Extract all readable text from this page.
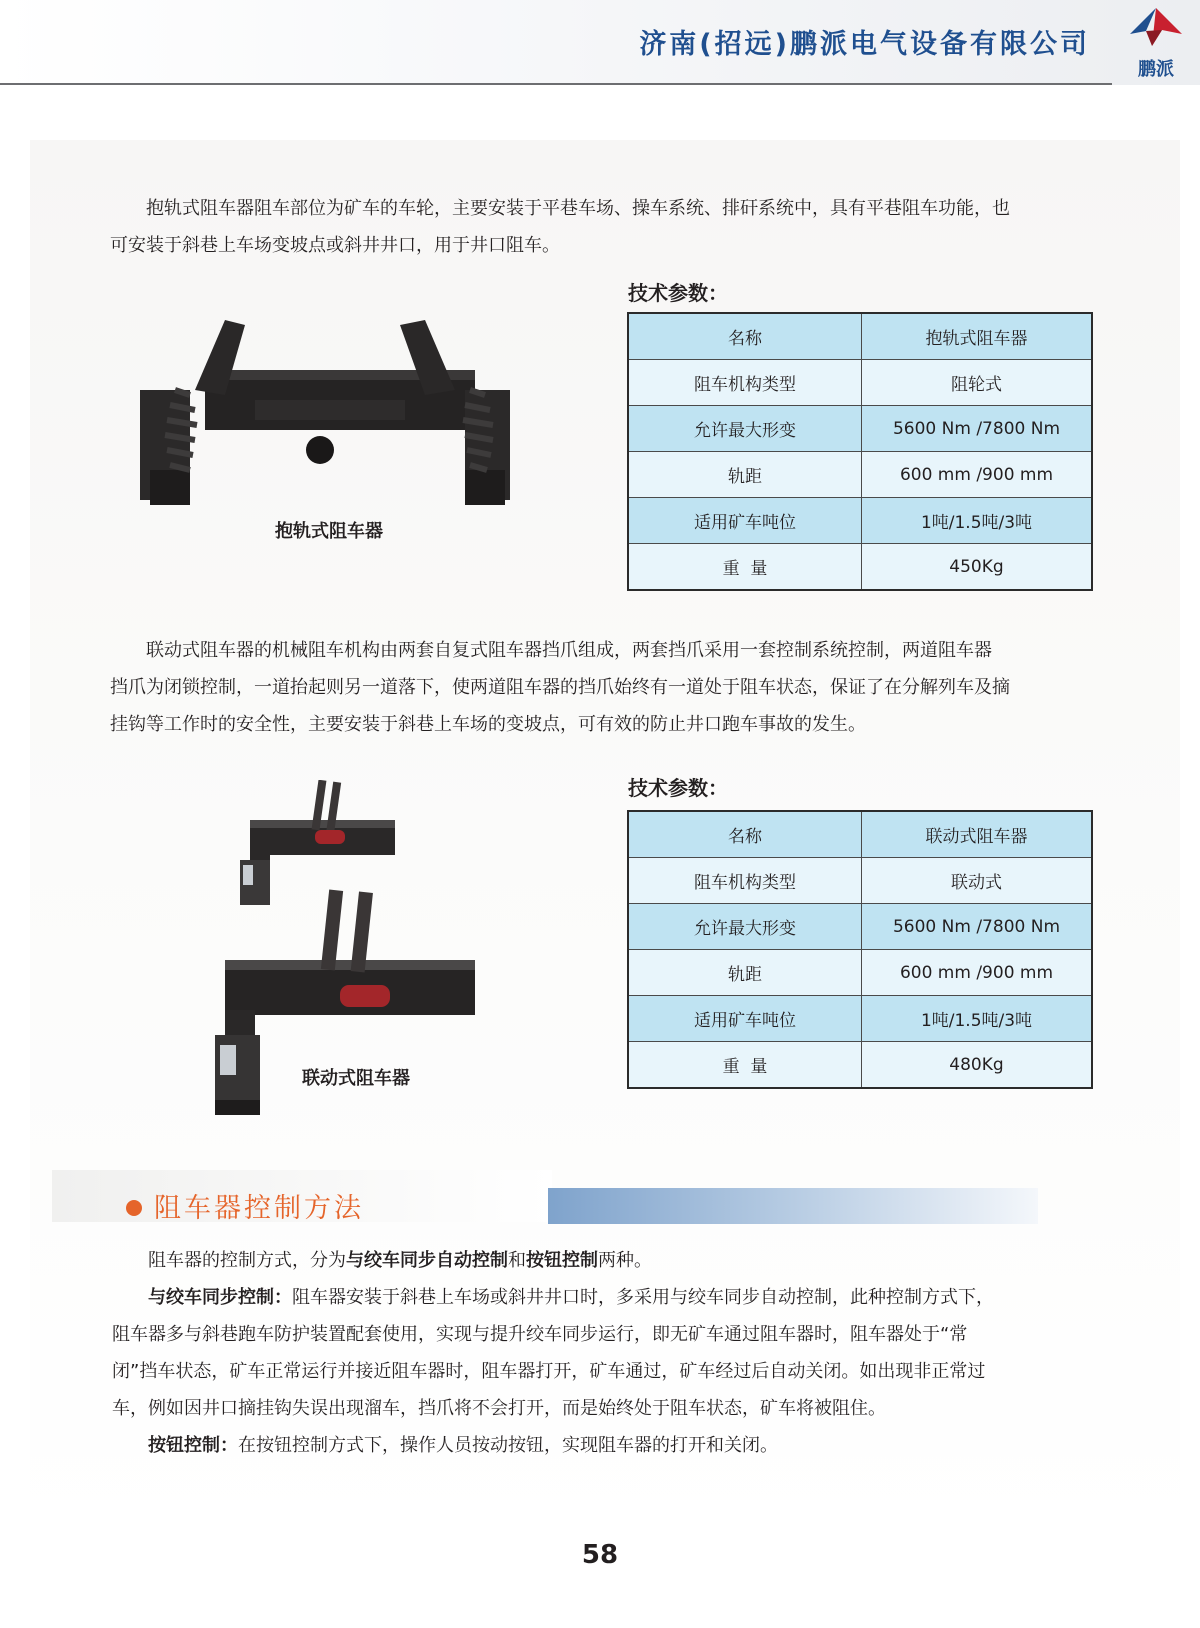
济南(招远)鹏派电气设备有限公司
鹏派

抱轨式阻车器阻车部位为矿车的车轮，主要安装于平巷车场、操车系统、排矸系统中，具有平巷阻车功能，也

可安装于斜巷上车场变坡点或斜井井口，用于井口阻车。

抱轨式阻车器
技术参数：
名称	抱轨式阻车器
阻车机构类型	阻轮式
允许最大形变	5600 Nm /7800 Nm
轨距	600 mm /900 mm
适用矿车吨位	1吨/1.5吨/3吨
重  量	450Kg

联动式阻车器的机械阻车机构由两套自复式阻车器挡爪组成，两套挡爪采用一套控制系统控制，两道阻车器

挡爪为闭锁控制，一道抬起则另一道落下，使两道阻车器的挡爪始终有一道处于阻车状态，保证了在分解列车及摘

挂钩等工作时的安全性，主要安装于斜巷上车场的变坡点，可有效的防止井口跑车事故的发生。

联动式阻车器
技术参数：
名称	联动式阻车器
阻车机构类型	联动式
允许最大形变	5600 Nm /7800 Nm
轨距	600 mm /900 mm
适用矿车吨位	1吨/1.5吨/3吨
重  量	480Kg
阻车器控制方法

阻车器的控制方式，分为与绞车同步自动控制和按钮控制两种。

与绞车同步控制：阻车器安装于斜巷上车场或斜井井口时，多采用与绞车同步自动控制，此种控制方式下，

阻车器多与斜巷跑车防护装置配套使用，实现与提升绞车同步运行，即无矿车通过阻车器时，阻车器处于“常

闭”挡车状态，矿车正常运行并接近阻车器时，阻车器打开，矿车通过，矿车经过后自动关闭。如出现非正常过

车，例如因井口摘挂钩失误出现溜车，挡爪将不会打开，而是始终处于阻车状态，矿车将被阻住。

按钮控制：在按钮控制方式下，操作人员按动按钮，实现阻车器的打开和关闭。

58
